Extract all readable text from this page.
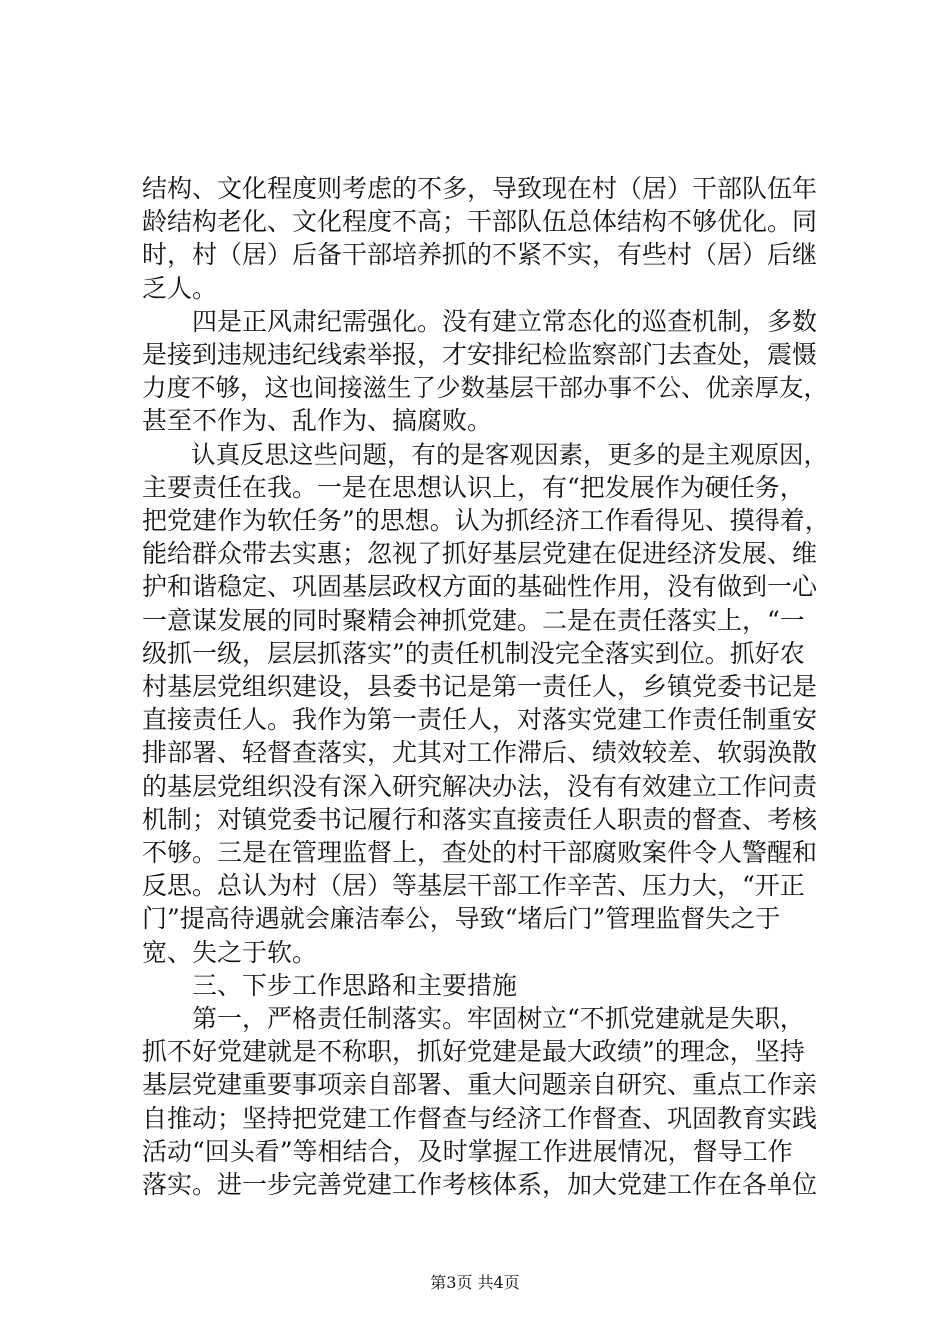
结构、文化程度则考虑的不多，导致现在村（居）干部队伍年
龄结构老化、文化程度不高；干部队伍总体结构不够优化。同
时，村（居）后备干部培养抓的不紧不实，有些村（居）后继
乏人。
　　四是正风肃纪需强化。没有建立常态化的巡查机制，多数
是接到违规违纪线索举报，才安排纪检监察部门去查处，震慑
力度不够，这也间接滋生了少数基层干部办事不公、优亲厚友，
甚至不作为、乱作为、搞腐败。
　　认真反思这些问题，有的是客观因素，更多的是主观原因，
主要责任在我。一是在思想认识上，有“把发展作为硬任务，
把党建作为软任务”的思想。认为抓经济工作看得见、摸得着，
能给群众带去实惠；忽视了抓好基层党建在促进经济发展、维
护和谐稳定、巩固基层政权方面的基础性作用，没有做到一心
一意谋发展的同时聚精会神抓党建。二是在责任落实上，“一
级抓一级，层层抓落实”的责任机制没完全落实到位。抓好农
村基层党组织建设，县委书记是第一责任人，乡镇党委书记是
直接责任人。我作为第一责任人，对落实党建工作责任制重安
排部署、轻督查落实，尤其对工作滞后、绩效较差、软弱涣散
的基层党组织没有深入研究解决办法，没有有效建立工作问责
机制；对镇党委书记履行和落实直接责任人职责的督查、考核
不够。三是在管理监督上，查处的村干部腐败案件令人警醒和
反思。总认为村（居）等基层干部工作辛苦、压力大，“开正
门”提高待遇就会廉洁奉公，导致“堵后门”管理监督失之于
宽、失之于软。
　　三、下步工作思路和主要措施
　　第一，严格责任制落实。牢固树立“不抓党建就是失职，
抓不好党建就是不称职，抓好党建是最大政绩”的理念，坚持
基层党建重要事项亲自部署、重大问题亲自研究、重点工作亲
自推动；坚持把党建工作督查与经济工作督查、巩固教育实践
活动“回头看”等相结合，及时掌握工作进展情况，督导工作
落实。进一步完善党建工作考核体系，加大党建工作在各单位
第3页 共4页
